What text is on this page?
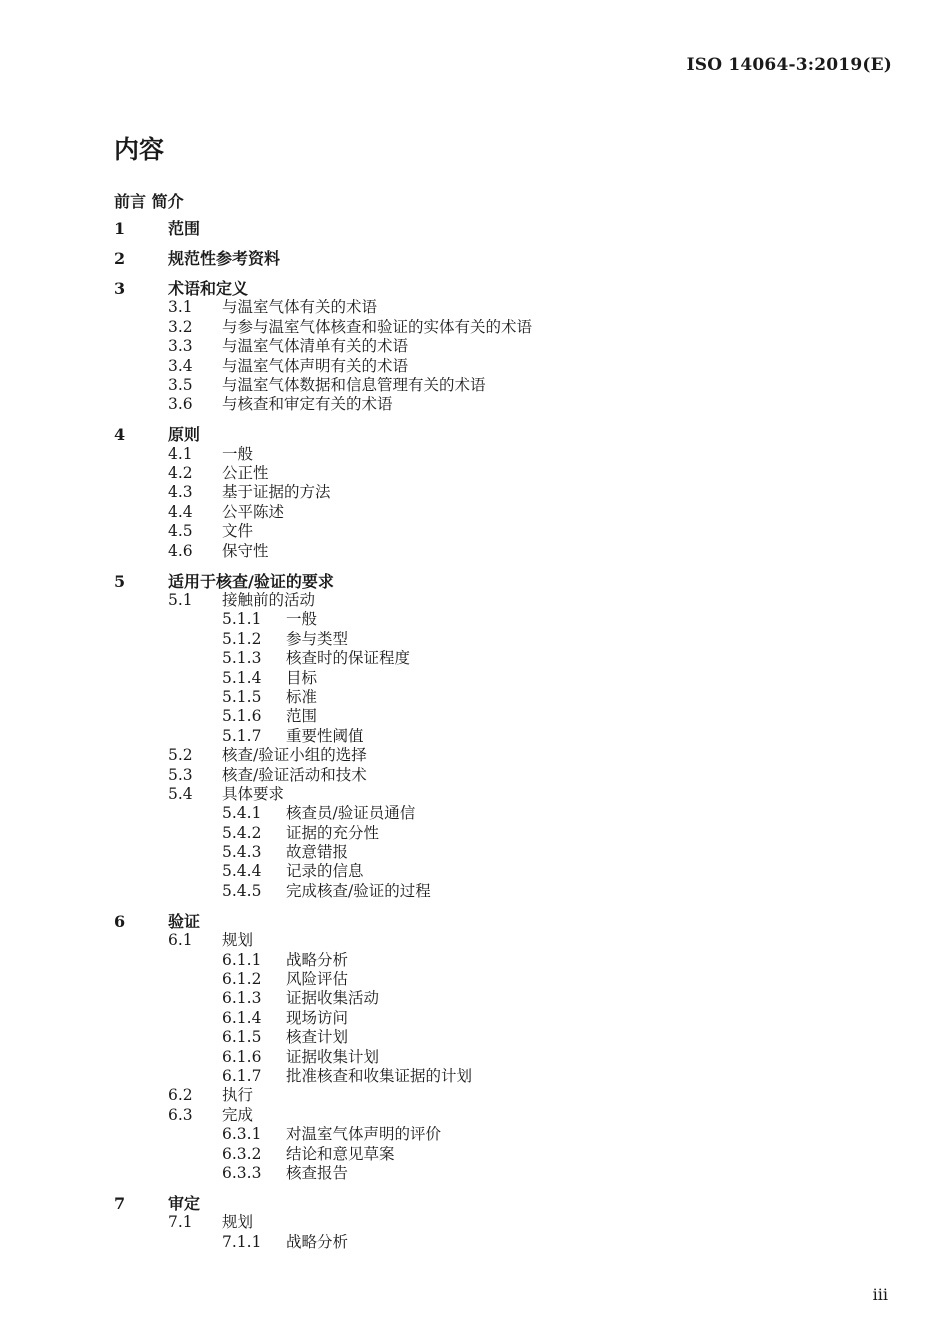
ISO 14064-3:2019(E)
内容
前言 简介
1	范围
2	规范性参考资料
3	术语和定义
3.1 与温室气体有关的术语
3.2 与参与温室气体核查和验证的实体有关的术语
3.3 与温室气体清单有关的术语
3.4 与温室气体声明有关的术语
3.5 与温室气体数据和信息管理有关的术语
3.6 与核查和审定有关的术语
4	原则
4.1 一般
4.2 公正性
4.3 基于证据的方法
4.4 公平陈述
4.5 文件
4.6 保守性
5	适用于核查/验证的要求
5.1 接触前的活动
5.1.1 一般
5.1.2 参与类型
5.1.3 核查时的保证程度
5.1.4 目标
5.1.5 标准
5.1.6 范围
5.1.7 重要性阈值
5.2 核查/验证小组的选择
5.3 核查/验证活动和技术
5.4 具体要求
5.4.1 核查员/验证员通信
5.4.2 证据的充分性
5.4.3 故意错报
5.4.4 记录的信息
5.4.5 完成核查/验证的过程
6	验证
6.1 规划
6.1.1 战略分析
6.1.2 风险评估
6.1.3 证据收集活动
6.1.4 现场访问
6.1.5 核查计划
6.1.6 证据收集计划
6.1.7 批准核查和收集证据的计划
6.2 执行
6.3 完成
6.3.1 对温室气体声明的评价
6.3.2 结论和意见草案
6.3.3 核查报告
7	审定
7.1 规划
7.1.1 战略分析
iii
